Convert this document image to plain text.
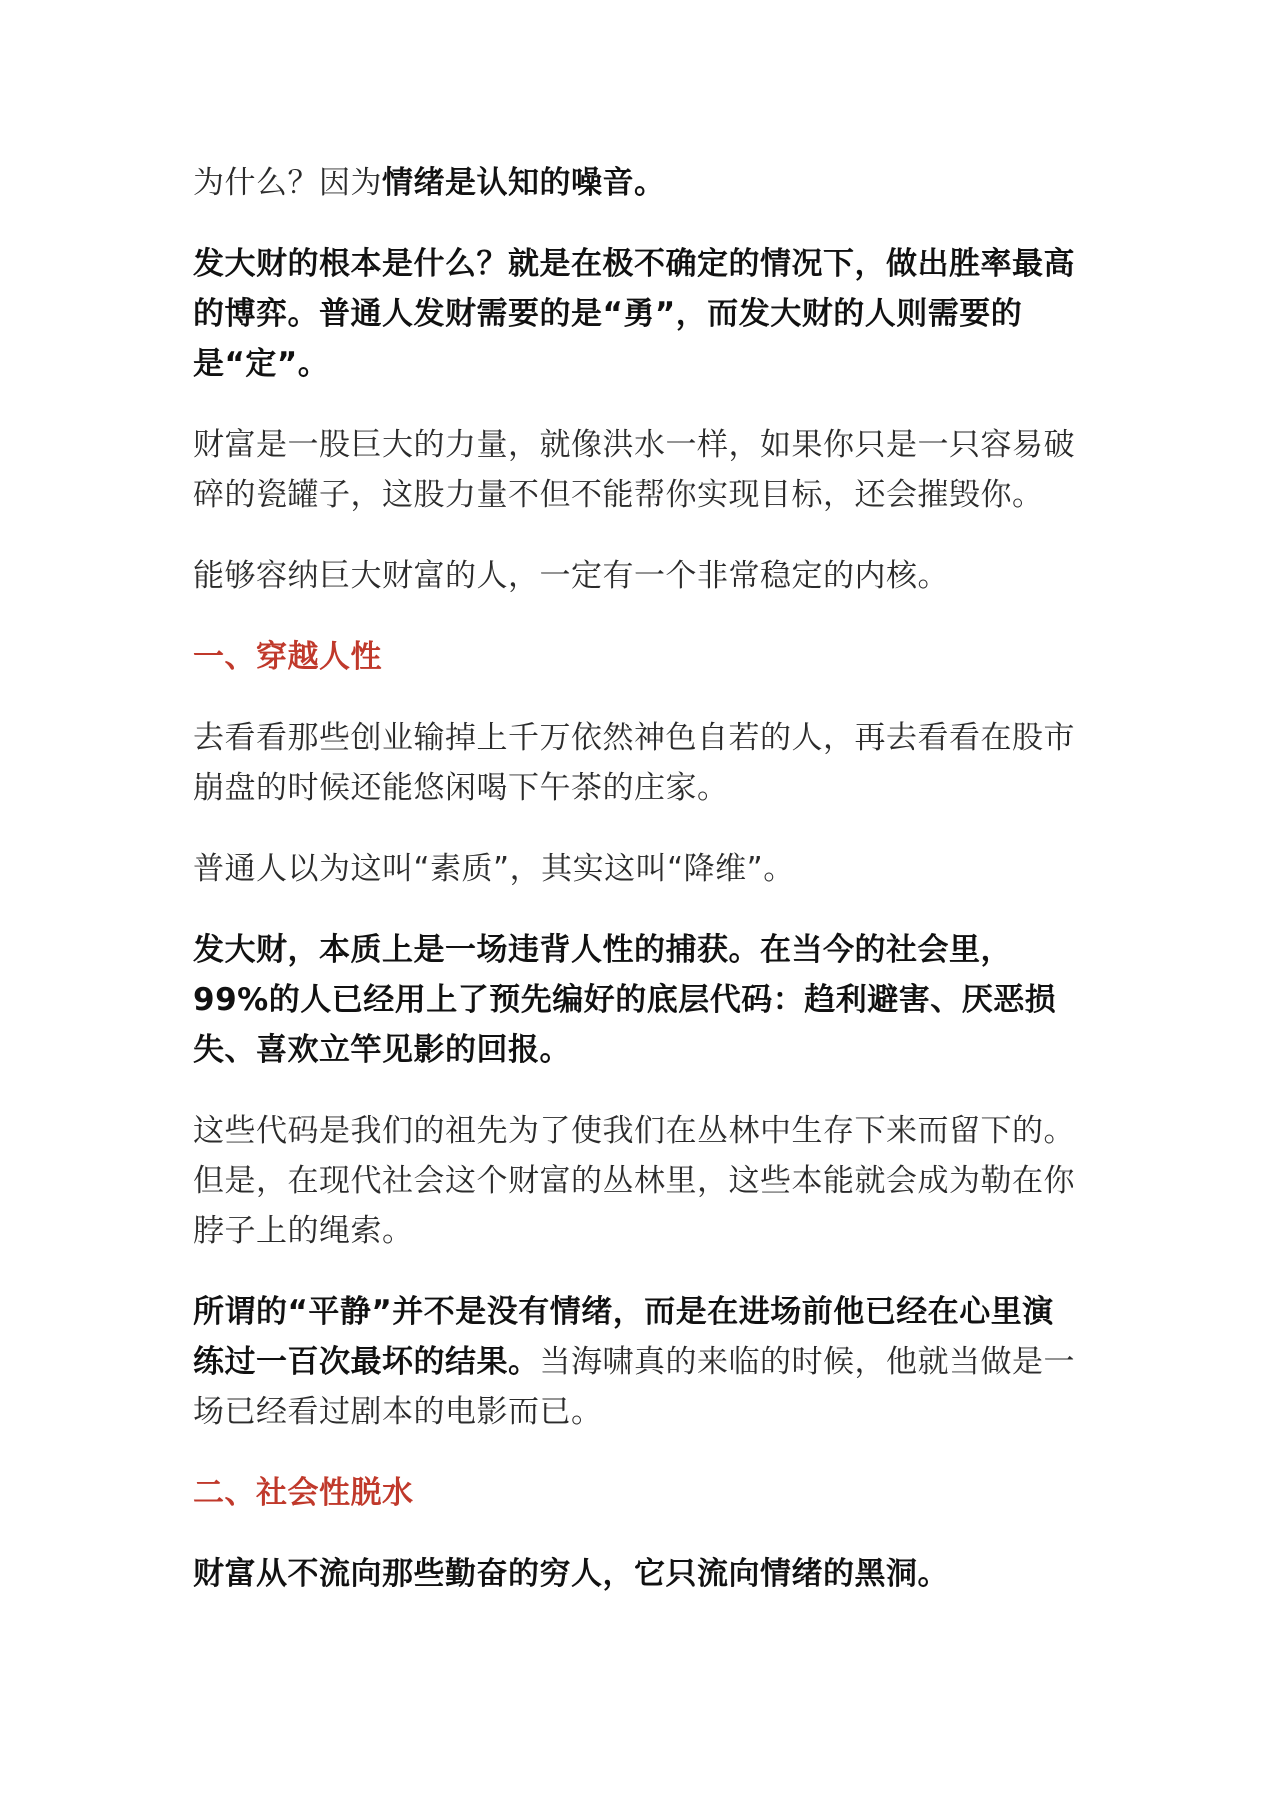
为什么？因为情绪是认知的噪音。

发大财的根本是什么？就是在极不确定的情况下，做出胜率最高的博弈。普通人发财需要的是“勇”，而发大财的人则需要的是“定”。

财富是一股巨大的力量，就像洪水一样，如果你只是一只容易破碎的瓷罐子，这股力量不但不能帮你实现目标，还会摧毁你。

能够容纳巨大财富的人，一定有一个非常稳定的内核。

一、穿越人性

去看看那些创业输掉上千万依然神色自若的人，再去看看在股市崩盘的时候还能悠闲喝下午茶的庄家。

普通人以为这叫“素质”，其实这叫“降维”。

发大财，本质上是一场违背人性的捕获。在当今的社会里，99%的人已经用上了预先编好的底层代码：趋利避害、厌恶损失、喜欢立竿见影的回报。

这些代码是我们的祖先为了使我们在丛林中生存下来而留下的。但是，在现代社会这个财富的丛林里，这些本能就会成为勒在你脖子上的绳索。

所谓的“平静”并不是没有情绪，而是在进场前他已经在心里演练过一百次最坏的结果。当海啸真的来临的时候，他就当做是一场已经看过剧本的电影而已。

二、社会性脱水

财富从不流向那些勤奋的穷人，它只流向情绪的黑洞。
